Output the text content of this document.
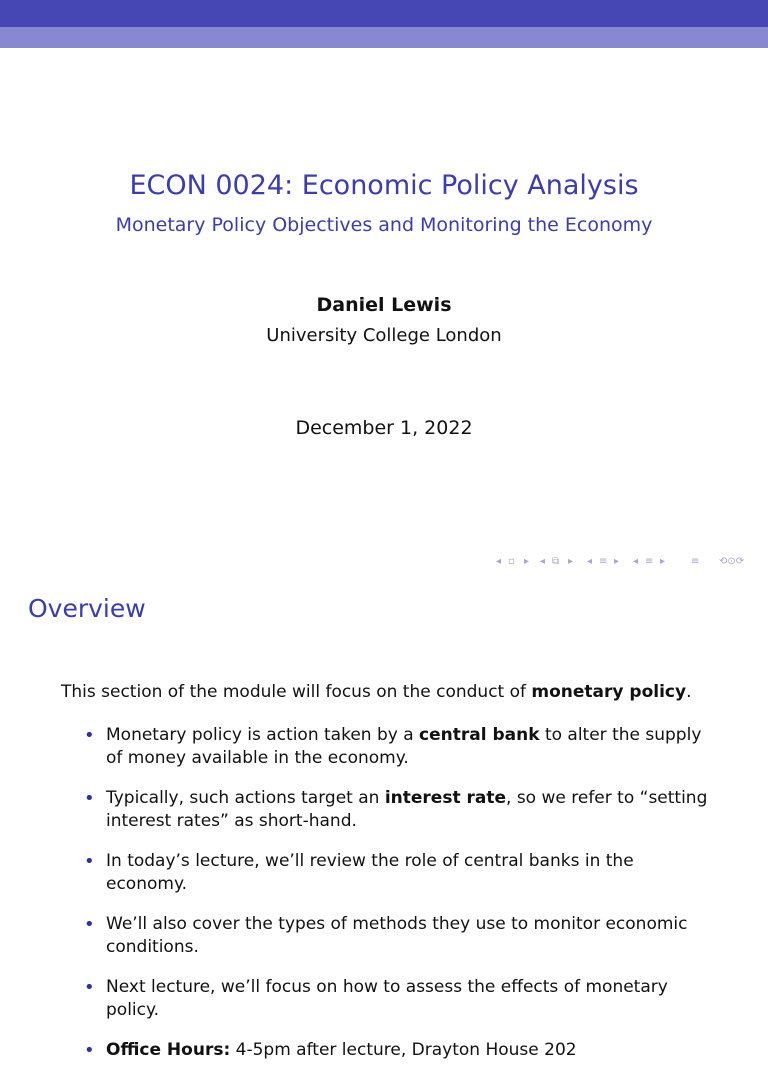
ECON 0024: Economic Policy Analysis
Monetary Policy Objectives and Monitoring the Economy
Daniel Lewis
University College London
December 1, 2022
◂ ▫ ▸ ◂ ⧉ ▸ ◂ ≡ ▸ ◂ ≡ ▸	≡ ⟲⊙⟳
Overview
This section of the module will focus on the conduct of monetary policy.
• Monetary policy is action taken by a central bank to alter the supply of money available in the economy.
• Typically, such actions target an interest rate, so we refer to “setting interest rates” as short-hand.
• In today’s lecture, we’ll review the role of central banks in the economy.
• We’ll also cover the types of methods they use to monitor economic conditions.
• Next lecture, we’ll focus on how to assess the effects of monetary policy.
• Office Hours: 4-5pm after lecture, Drayton House 202
